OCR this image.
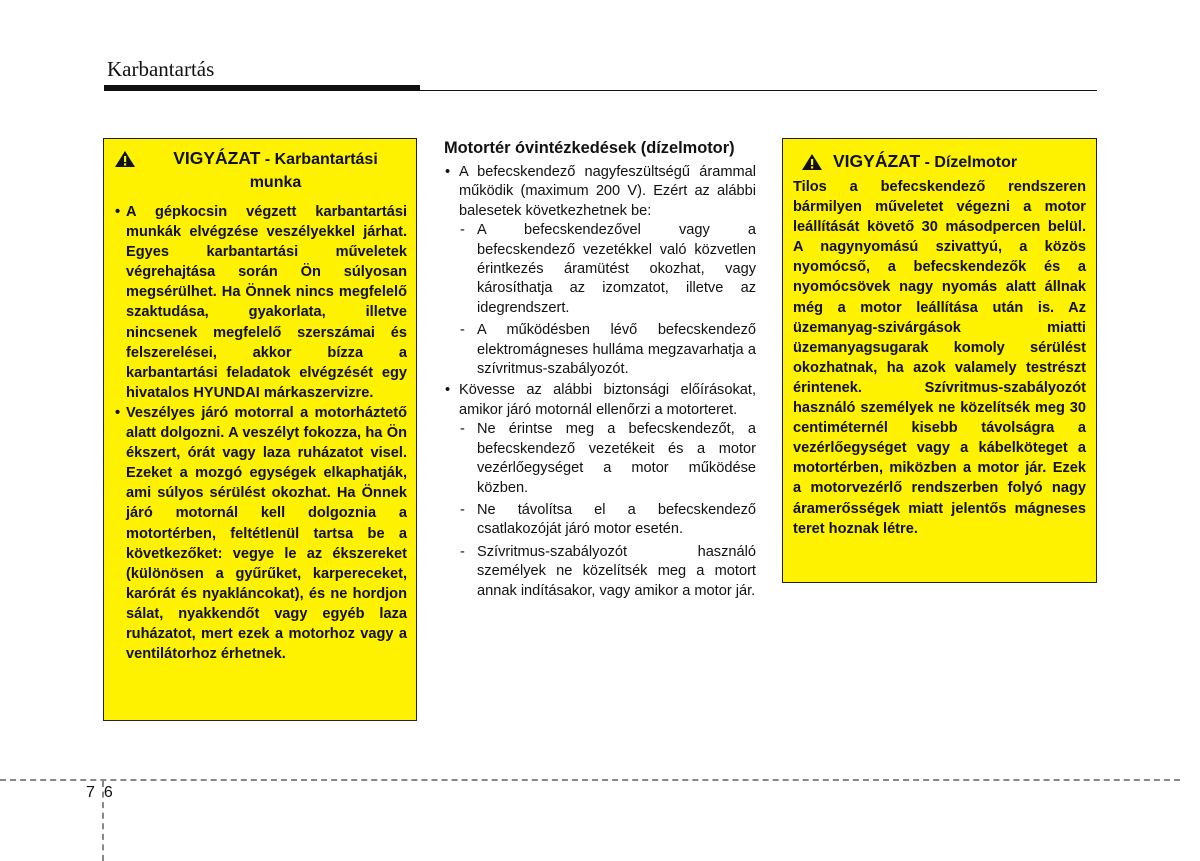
Karbantartás
VIGYÁZAT - Karbantartási munka
• A gépkocsin végzett karbantartási munkák elvégzése veszélyekkel járhat. Egyes karbantartási műveletek végrehajtása során Ön súlyosan megsérülhet. Ha Önnek nincs megfelelő szaktudása, gyakorlata, illetve nincsenek megfelelő szerszámai és felszerelései, akkor bízza a karbantartási feladatok elvégzését egy hivatalos HYUNDAI márkaszervizre.
• Veszélyes járó motorral a motorháztető alatt dolgozni. A veszélyt fokozza, ha Ön ékszert, órát vagy laza ruházatot visel. Ezeket a mozgó egységek elkaphatják, ami súlyos sérülést okozhat. Ha Önnek járó motornál kell dolgoznia a motortérben, feltétlenül tartsa be a következőket: vegye le az ékszereket (különösen a gyűrűket, karpereceket, karórát és nyakláncokat), és ne hordjon sálat, nyakkendőt vagy egyéb laza ruházatot, mert ezek a motorhoz vagy a ventilátorhoz érhetnek.
Motortér óvintézkedések (dízelmotor)
• A befecskendező nagyfeszültségű árammal működik (maximum 200 V). Ezért az alábbi balesetek következhetnek be:
- A befecskendezővel vagy a befecskendező vezetékkel való közvetlen érintkezés áramütést okozhat, vagy károsíthatja az izomzatot, illetve az idegrendszert.
- A működésben lévő befecskendező elektromágneses hulláma megzavarhatja a szívritmus-szabályozót.
• Kövesse az alábbi biztonsági előírásokat, amikor járó motornál ellenőrzi a motorteret.
- Ne érintse meg a befecskendezőt, a befecskendező vezetékeit és a motor vezérlőegységet a motor működése közben.
- Ne távolítsa el a befecskendező csatlakozóját járó motor esetén.
- Szívritmus-szabályozót használó személyek ne közelítsék meg a motort annak indításakor, vagy amikor a motor jár.
VIGYÁZAT - Dízelmotor
Tilos a befecskendező rendszeren bármilyen műveletet végezni a motor leállítását követő 30 másodpercen belül. A nagynyomású szivattyú, a közös nyomócső, a befecskendezők és a nyomócsövek nagy nyomás alatt állnak még a motor leállítása után is. Az üzemanyag-szivárgások miatti üzemanyagsugarak komoly sérülést okozhatnak, ha azok valamely testrészt érintenek. Szívritmus-szabályozót használó személyek ne közelítsék meg 30 centiméternél kisebb távolságra a vezérlőegységet vagy a kábelköteget a motortérben, miközben a motor jár. Ezek a motorvezérlő rendszerben folyó nagy áramerősségek miatt jelentős mágneses teret hoznak létre.
76
